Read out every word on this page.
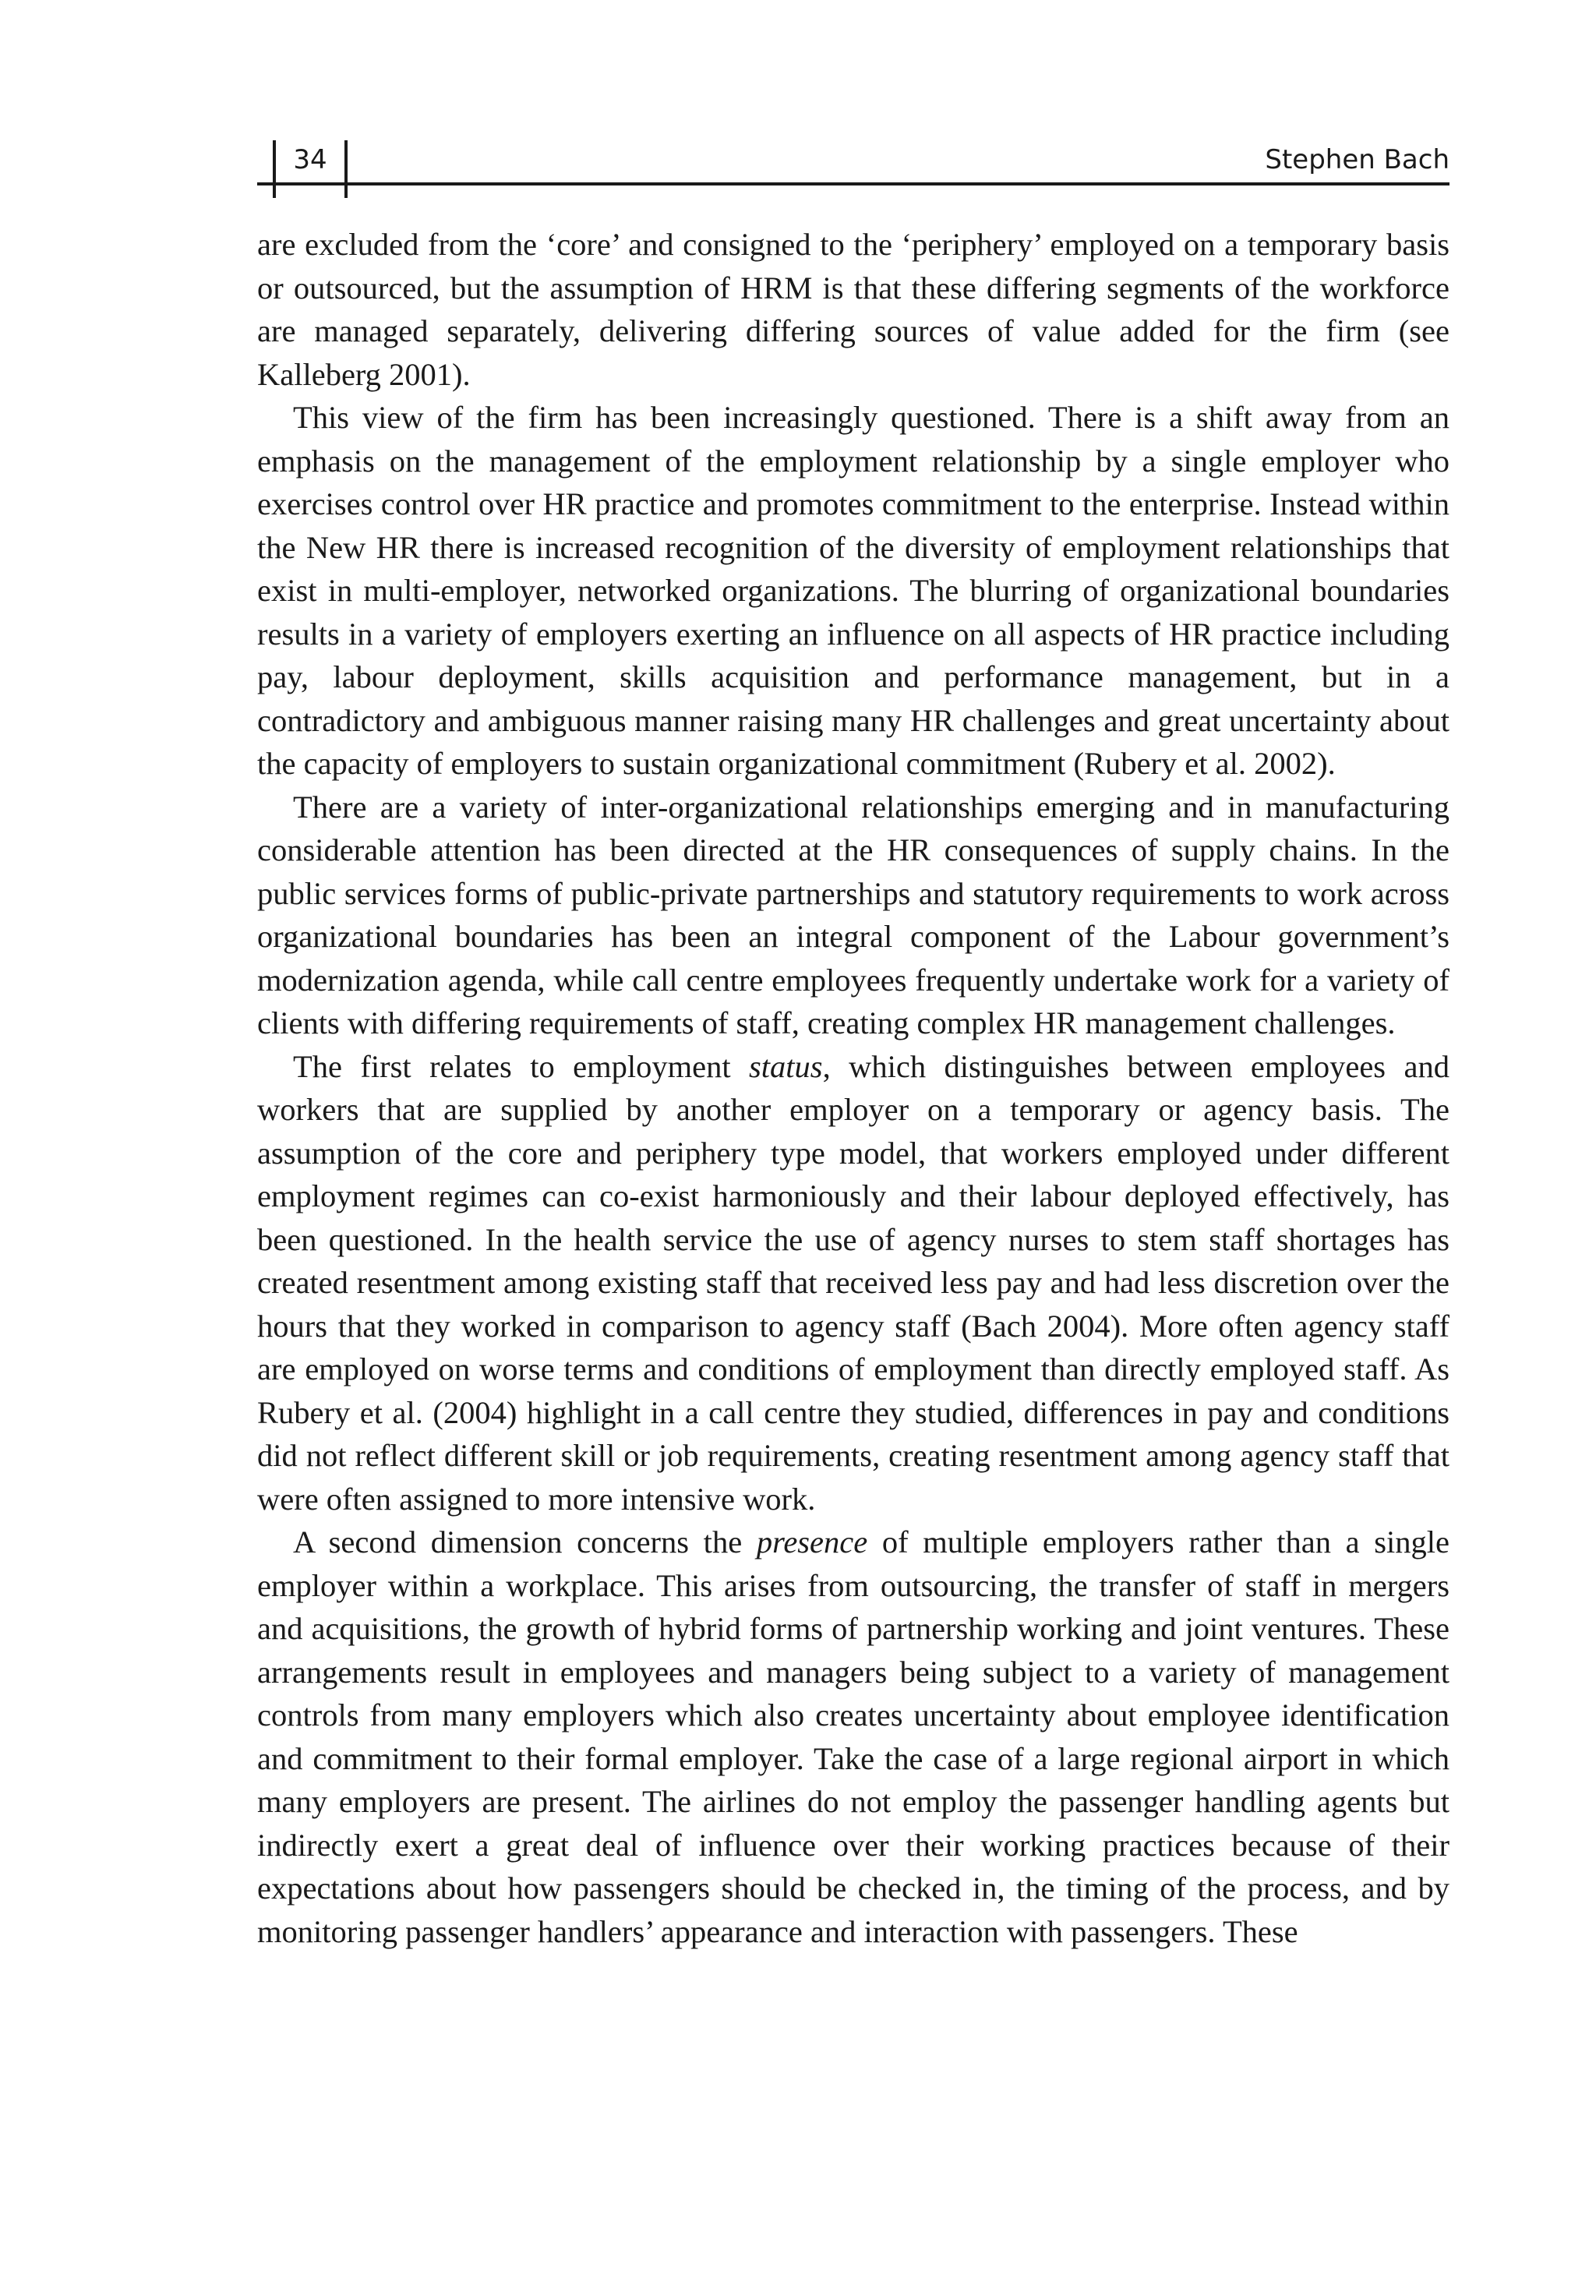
34	Stephen Bach

are excluded from the ‘core’ and consigned to the ‘periphery’ employed on a temporary basis or outsourced, but the assumption of HRM is that these differing segments of the workforce are managed separately, delivering differing sources of value added for the firm (see Kalleberg 2001).

This view of the firm has been increasingly questioned. There is a shift away from an emphasis on the management of the employment relationship by a single employer who exercises control over HR practice and promotes commitment to the enterprise. Instead within the New HR there is increased recognition of the diversity of employment relationships that exist in multi-employer, networked organizations. The blurring of organizational boundaries results in a variety of employers exerting an influence on all aspects of HR practice including pay, labour deployment, skills acquisition and performance management, but in a contradictory and ambiguous manner raising many HR challenges and great uncertainty about the capacity of employers to sustain organizational commitment (Rubery et al. 2002).

There are a variety of inter-organizational relationships emerging and in manufacturing considerable attention has been directed at the HR consequences of supply chains. In the public services forms of public-private partnerships and statutory requirements to work across organizational boundaries has been an integral component of the Labour government’s modernization agenda, while call centre employees frequently undertake work for a variety of clients with differing requirements of staff, creating complex HR management challenges.

The first relates to employment status, which distinguishes between employees and workers that are supplied by another employer on a temporary or agency basis. The assumption of the core and periphery type model, that workers employed under different employment regimes can co-exist harmoniously and their labour deployed effectively, has been questioned. In the health service the use of agency nurses to stem staff shortages has created resentment among existing staff that received less pay and had less discretion over the hours that they worked in comparison to agency staff (Bach 2004). More often agency staff are employed on worse terms and conditions of employment than directly employed staff. As Rubery et al. (2004) highlight in a call centre they studied, differences in pay and conditions did not reflect different skill or job requirements, creating resentment among agency staff that were often assigned to more intensive work.

A second dimension concerns the presence of multiple employers rather than a single employer within a workplace. This arises from outsourcing, the transfer of staff in mergers and acquisitions, the growth of hybrid forms of partnership working and joint ventures. These arrangements result in employees and managers being subject to a variety of management controls from many employers which also creates uncertainty about employee identification and commitment to their formal employer. Take the case of a large regional airport in which many employers are present. The airlines do not employ the passenger handling agents but indirectly exert a great deal of influence over their working practices because of their expectations about how passengers should be checked in, the timing of the process, and by monitoring passenger handlers’ appearance and interaction with passengers. These
